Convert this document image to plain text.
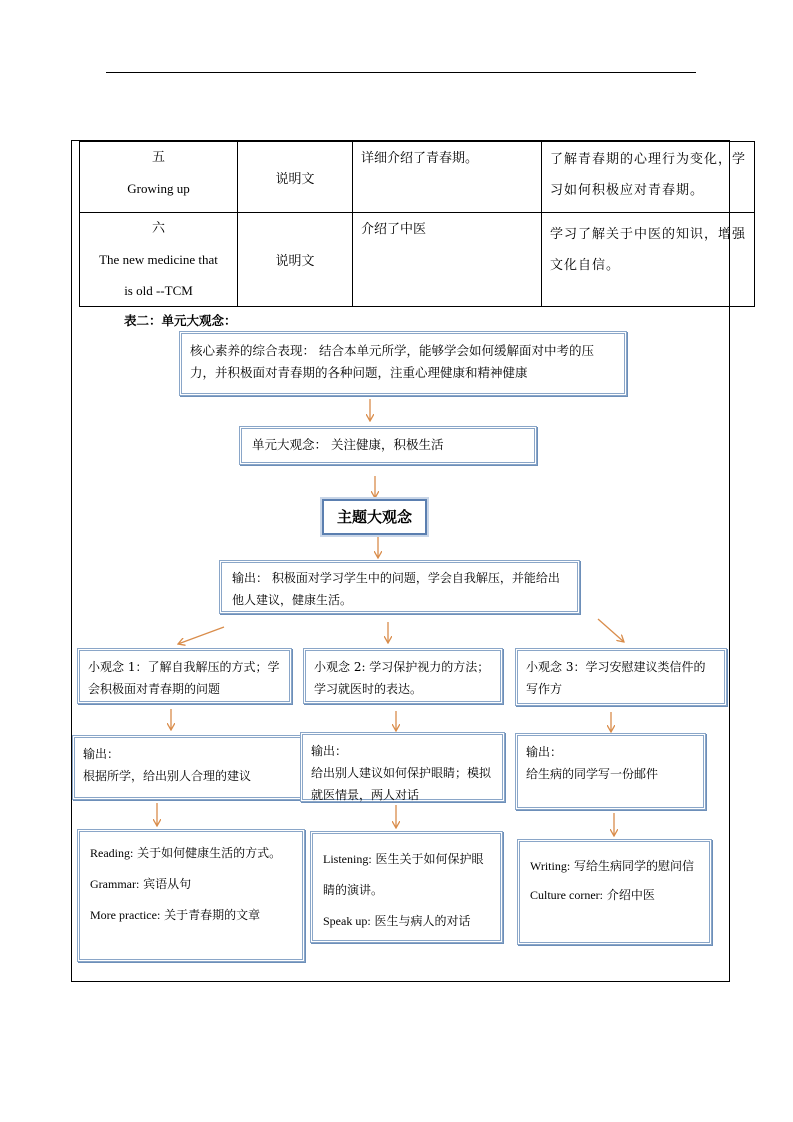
五
Growing up	说明文	详细介绍了青春期。	了解青春期的心理行为变化，学习如何积极应对青春期。

六
The new medicine that
is old --TCM	说明文	介绍了中医	学习了解关于中医的知识，增强文化自信。
表二：单元大观念：
核心素养的综合表现： 结合本单元所学，能够学会如何缓解面对中考的压力，并积极面对青春期的各种问题，注重心理健康和精神健康
单元大观念： 关注健康，积极生活
主题大观念
输出： 积极面对学习学生中的问题，学会自我解压，并能给出他人建议，健康生活。
小观念 1：了解自我解压的方式；学会积极面对青春期的问题
小观念 2: 学习保护视力的方法；学习就医时的表达。
小观念 3：学习安慰建议类信件的写作方
输出：
根据所学，给出别人合理的建议
输出：
给出别人建议如何保护眼睛；模拟就医情景，两人对话
输出：
给生病的同学写一份邮件
Reading: 关于如何健康生活的方式。
Grammar: 宾语从句
More practice: 关于青春期的文章
Listening: 医生关于如何保护眼睛的演讲。
Speak up: 医生与病人的对话
Writing: 写给生病同学的慰问信
Culture corner: 介绍中医
